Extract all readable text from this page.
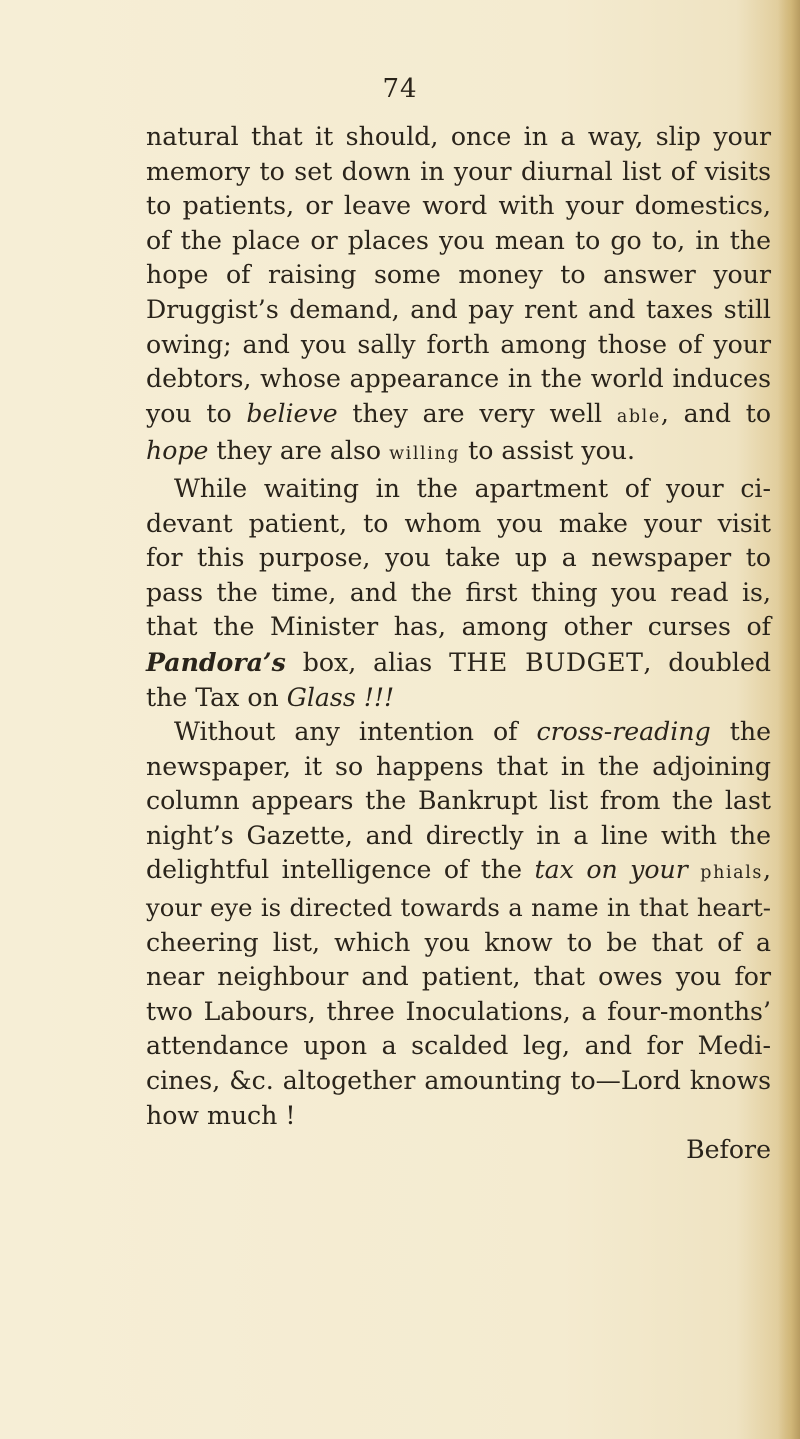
74
natural that it should, once in a way, slip your
memory to set down in your diurnal list of visits
to patients, or leave word with your domestics,
of the place or places you mean to go to, in the
hope of raising some money to answer your
Druggist’s demand, and pay rent and taxes still
owing; and you sally forth among those of your
debtors, whose appearance in the world induces
you to believe they are very well able, and to
hope they are also willing to assist you.
While waiting in the apartment of your ci-
devant patient, to whom you make your visit
for this purpose, you take up a newspaper to
pass the time, and the first thing you read is,
that the Minister has, among other curses of
Pandora’s box, alias THE BUDGET, doubled
the Tax on Glass !!!
Without any intention of cross-reading the
newspaper, it so happens that in the adjoining
column appears the Bankrupt list from the last
night’s Gazette, and directly in a line with the
delightful intelligence of the tax on your phials,
your eye is directed towards a name in that heart-
cheering list, which you know to be that of a
near neighbour and patient, that owes you for
two Labours, three Inoculations, a four-months’
attendance upon a scalded leg, and for Medi-
cines, &c. altogether amounting to—Lord knows
how much !
Before
